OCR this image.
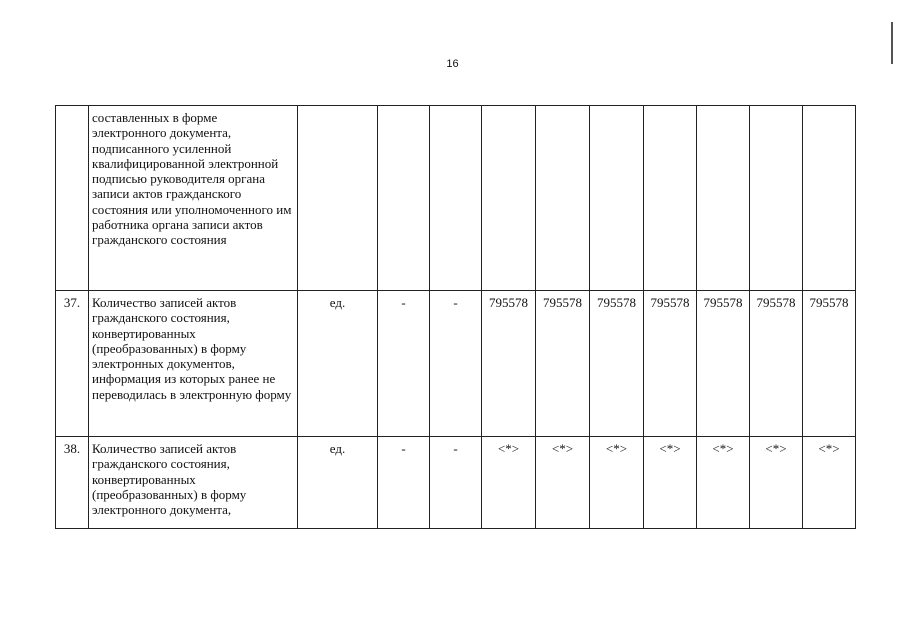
16
	составленных в форме электронного документа, подписанного усиленной квалифицированной электронной подписью руководителя органа записи актов гражданского состояния или уполномоченного им работника органа записи актов гражданского состояния										
37.	Количество записей актов гражданского состояния, конвертированных (преобразованных) в форму электронных документов, информация из которых ранее не переводилась в электронную форму	ед.	-	-	795578	795578	795578	795578	795578	795578	795578
38.	Количество записей актов гражданского состояния, конвертированных (преобразованных) в форму электронного документа,	ед.	-	-	<*>	<*>	<*>	<*>	<*>	<*>	<*>
